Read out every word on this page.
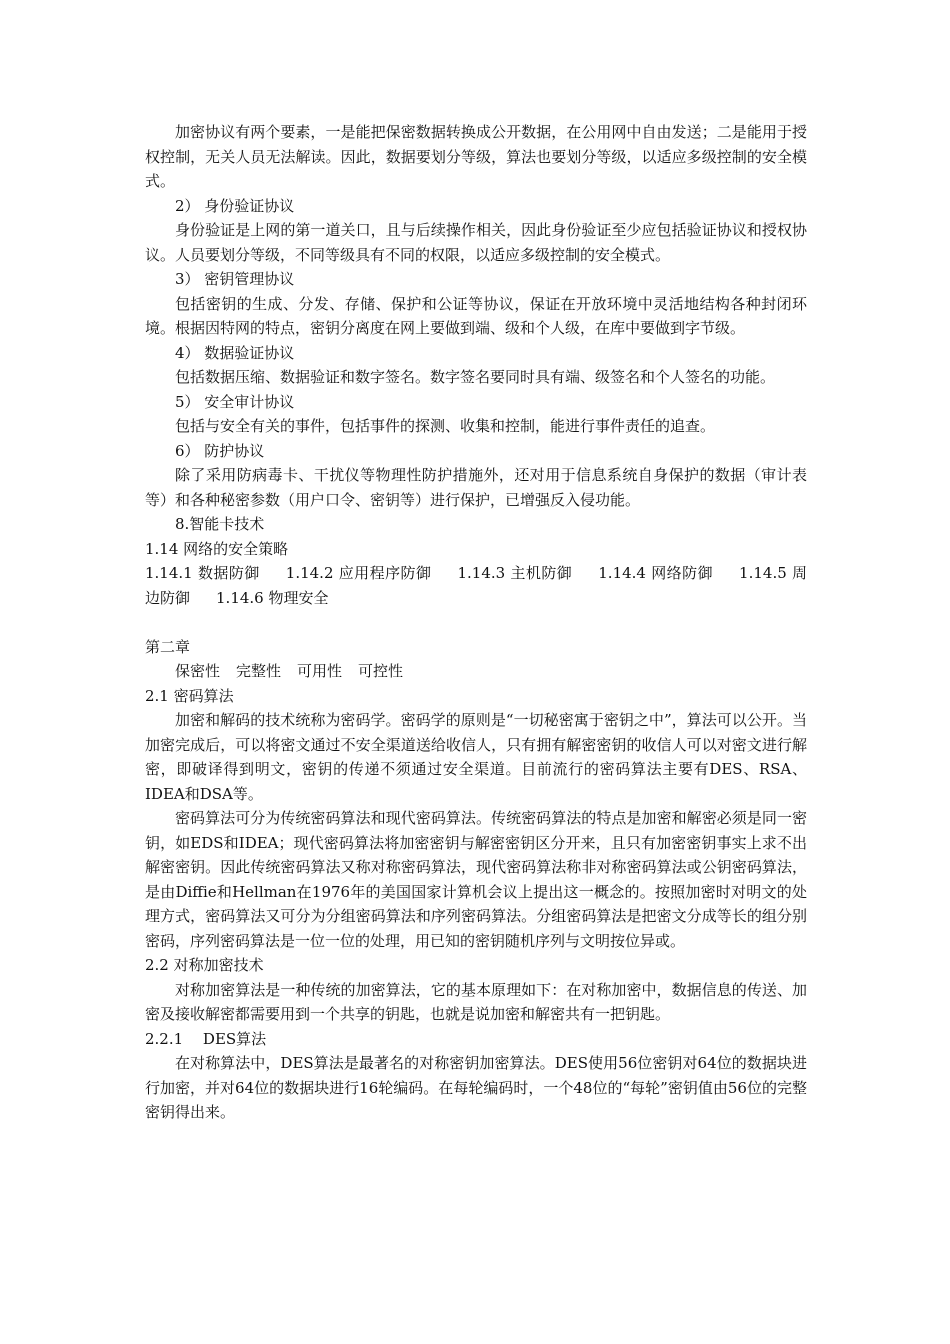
加密协议有两个要素，一是能把保密数据转换成公开数据，在公用网中自由发送；二是能用于授权控制，无关人员无法解读。因此，数据要划分等级，算法也要划分等级，以适应多级控制的安全模式。

2） 身份验证协议

身份验证是上网的第一道关口，且与后续操作相关，因此身份验证至少应包括验证协议和授权协议。人员要划分等级，不同等级具有不同的权限，以适应多级控制的安全模式。

3） 密钥管理协议

包括密钥的生成、分发、存储、保护和公证等协议，保证在开放环境中灵活地结构各种封闭环境。根据因特网的特点，密钥分离度在网上要做到端、级和个人级，在库中要做到字节级。

4） 数据验证协议

包括数据压缩、数据验证和数字签名。数字签名要同时具有端、级签名和个人签名的功能。

5） 安全审计协议

包括与安全有关的事件，包括事件的探测、收集和控制，能进行事件责任的追查。

6） 防护协议

除了采用防病毒卡、干扰仪等物理性防护措施外，还对用于信息系统自身保护的数据（审计表等）和各种秘密参数（用户口令、密钥等）进行保护，已增强反入侵功能。

8.智能卡技术

1.14 网络的安全策略

1.14.1 数据防御 1.14.2 应用程序防御 1.14.3 主机防御 1.14.4 网络防御 1.14.5 周边防御 1.14.6 物理安全

第二章

保密性 完整性 可用性 可控性

2.1 密码算法

加密和解码的技术统称为密码学。密码学的原则是“一切秘密寓于密钥之中”，算法可以公开。当加密完成后，可以将密文通过不安全渠道送给收信人，只有拥有解密密钥的收信人可以对密文进行解密，即破译得到明文，密钥的传递不须通过安全渠道。目前流行的密码算法主要有DES、RSA、IDEA和DSA等。

密码算法可分为传统密码算法和现代密码算法。传统密码算法的特点是加密和解密必须是同一密钥，如EDS和IDEA；现代密码算法将加密密钥与解密密钥区分开来，且只有加密密钥事实上求不出解密密钥。因此传统密码算法又称对称密码算法，现代密码算法称非对称密码算法或公钥密码算法，是由Diffie和Hellman在1976年的美国国家计算机会议上提出这一概念的。按照加密时对明文的处理方式，密码算法又可分为分组密码算法和序列密码算法。分组密码算法是把密文分成等长的组分别密码，序列密码算法是一位一位的处理，用已知的密钥随机序列与文明按位异或。

2.2 对称加密技术

对称加密算法是一种传统的加密算法，它的基本原理如下：在对称加密中，数据信息的传送、加密及接收解密都需要用到一个共享的钥匙，也就是说加密和解密共有一把钥匙。

2.2.1　 DES算法

在对称算法中，DES算法是最著名的对称密钥加密算法。DES使用56位密钥对64位的数据块进行加密，并对64位的数据块进行16轮编码。在每轮编码时，一个48位的“每轮”密钥值由56位的完整密钥得出来。
